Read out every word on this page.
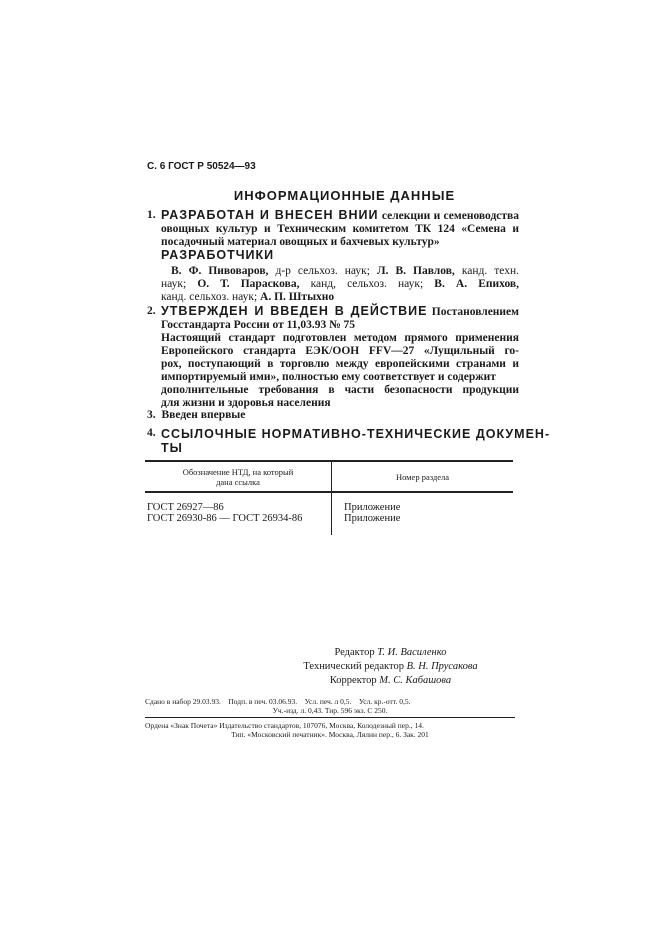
С. 6 ГОСТ Р 50524—93
ИНФОРМАЦИОННЫЕ ДАННЫЕ
1. РАЗРАБОТАН И ВНЕСЕН ВНИИ селекции и семеноводства
овощных культур и Техническим комитетом ТК 124 «Семена и
посадочный материал овощных и бахчевых культур»
РАЗРАБОТЧИКИ
В. Ф. Пивоваров, д-р сельхоз. наук; Л. В. Павлов, канд. техн.
наук; О. Т. Параскова, канд, сельхоз. наук; В. А. Епихов,
канд. сельхоз. наук; А. П. Штыхно
2. УТВЕРЖДЕН И ВВЕДЕН В ДЕЙСТВИЕ Постановлением
Госстандарта России от 11,03.93 № 75
Настоящий стандарт подготовлен методом прямого применения
Европейского стандарта ЕЭК/ООН FFV—27 «Лущильный го-
рох, поступающий в торговлю между европейскими странами и
импортируемый ими», полностью ему соответствует и содержит
дополнительные требования в части безопасности продукции
для жизни и здоровья населения
3. Введен впервые
4. ССЫЛОЧНЫЕ НОРМАТИВНО-ТЕХНИЧЕСКИЕ ДОКУМЕН-
ТЫ
Обозначение НТД, на который
дана ссылка	Номер раздела
ГОСТ 26927—86
ГОСТ 26930-86 — ГОСТ 26934-86
Приложение
Приложение
Редактор Т. И. Василенко
Технический редактор В. Н. Прусакова
Корректор М. С. Кабашова
Сдано в набор 29.03.93.    Подп. в печ. 03.06.93.    Усл. печ. л 0,5.    Усл. кр.-отт. 0,5.
Уч.-изд. л. 0,43. Тир. 596 экз. С 250.
Ордена «Знак Почета» Издательство стандартов, 107076, Москва, Колодезный пер., 14.
Тип. «Московский печатник». Москва, Лялин пер., 6. Зак. 201
